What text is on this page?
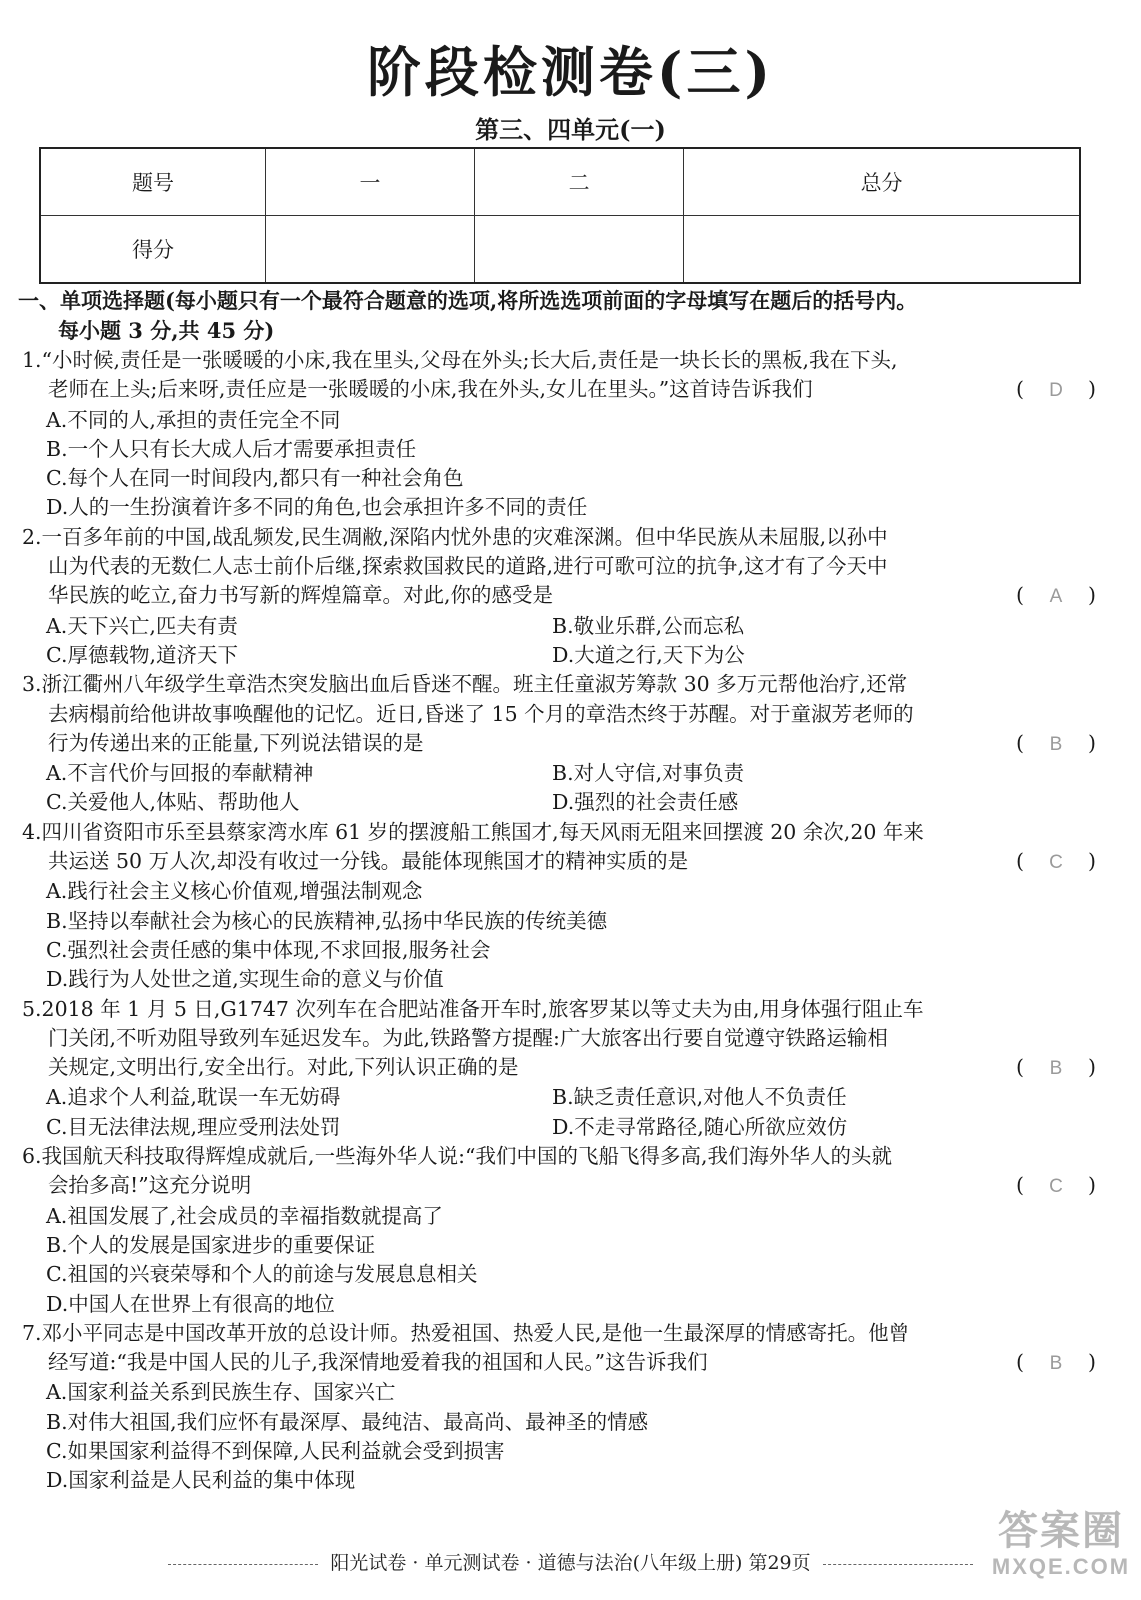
阶段检测卷(三)
第三、四单元(一)
题号	一	二	总分
得分			
一、单项选择题(每小题只有一个最符合题意的选项,将所选选项前面的字母填写在题后的括号内。
每小题 3 分,共 45 分)
1.“小时候,责任是一张暖暖的小床,我在里头,父母在外头;长大后,责任是一块长长的黑板,我在下头,
老师在上头;后来呀,责任应是一张暖暖的小床,我在外头,女儿在里头。”这首诗告诉我们	( D )
A.不同的人,承担的责任完全不同
B.一个人只有长大成人后才需要承担责任
C.每个人在同一时间段内,都只有一种社会角色
D.人的一生扮演着许多不同的角色,也会承担许多不同的责任
2.一百多年前的中国,战乱频发,民生凋敝,深陷内忧外患的灾难深渊。但中华民族从未屈服,以孙中
山为代表的无数仁人志士前仆后继,探索救国救民的道路,进行可歌可泣的抗争,这才有了今天中
华民族的屹立,奋力书写新的辉煌篇章。对此,你的感受是	( A )
A.天下兴亡,匹夫有责	B.敬业乐群,公而忘私
C.厚德载物,道济天下	D.大道之行,天下为公
3.浙江衢州八年级学生章浩杰突发脑出血后昏迷不醒。班主任童淑芳筹款 30 多万元帮他治疗,还常
去病榻前给他讲故事唤醒他的记忆。近日,昏迷了 15 个月的章浩杰终于苏醒。对于童淑芳老师的
行为传递出来的正能量,下列说法错误的是	( B )
A.不言代价与回报的奉献精神	B.对人守信,对事负责
C.关爱他人,体贴、帮助他人	D.强烈的社会责任感
4.四川省资阳市乐至县蔡家湾水库 61 岁的摆渡船工熊国才,每天风雨无阻来回摆渡 20 余次,20 年来
共运送 50 万人次,却没有收过一分钱。最能体现熊国才的精神实质的是	( C )
A.践行社会主义核心价值观,增强法制观念
B.坚持以奉献社会为核心的民族精神,弘扬中华民族的传统美德
C.强烈社会责任感的集中体现,不求回报,服务社会
D.践行为人处世之道,实现生命的意义与价值
5.2018 年 1 月 5 日,G1747 次列车在合肥站准备开车时,旅客罗某以等丈夫为由,用身体强行阻止车
门关闭,不听劝阻导致列车延迟发车。为此,铁路警方提醒:广大旅客出行要自觉遵守铁路运输相
关规定,文明出行,安全出行。对此,下列认识正确的是	( B )
A.追求个人利益,耽误一车无妨碍	B.缺乏责任意识,对他人不负责任
C.目无法律法规,理应受刑法处罚	D.不走寻常路径,随心所欲应效仿
6.我国航天科技取得辉煌成就后,一些海外华人说:“我们中国的飞船飞得多高,我们海外华人的头就
会抬多高!”这充分说明	( C )
A.祖国发展了,社会成员的幸福指数就提高了
B.个人的发展是国家进步的重要保证
C.祖国的兴衰荣辱和个人的前途与发展息息相关
D.中国人在世界上有很高的地位
7.邓小平同志是中国改革开放的总设计师。热爱祖国、热爱人民,是他一生最深厚的情感寄托。他曾
经写道:“我是中国人民的儿子,我深情地爱着我的祖国和人民。”这告诉我们	( B )
A.国家利益关系到民族生存、国家兴亡
B.对伟大祖国,我们应怀有最深厚、最纯洁、最高尚、最神圣的情感
C.如果国家利益得不到保障,人民利益就会受到损害
D.国家利益是人民利益的集中体现
阳光试卷 · 单元测试卷 · 道德与法治(八年级上册) 第29页
答案圈
MXQE.COM
